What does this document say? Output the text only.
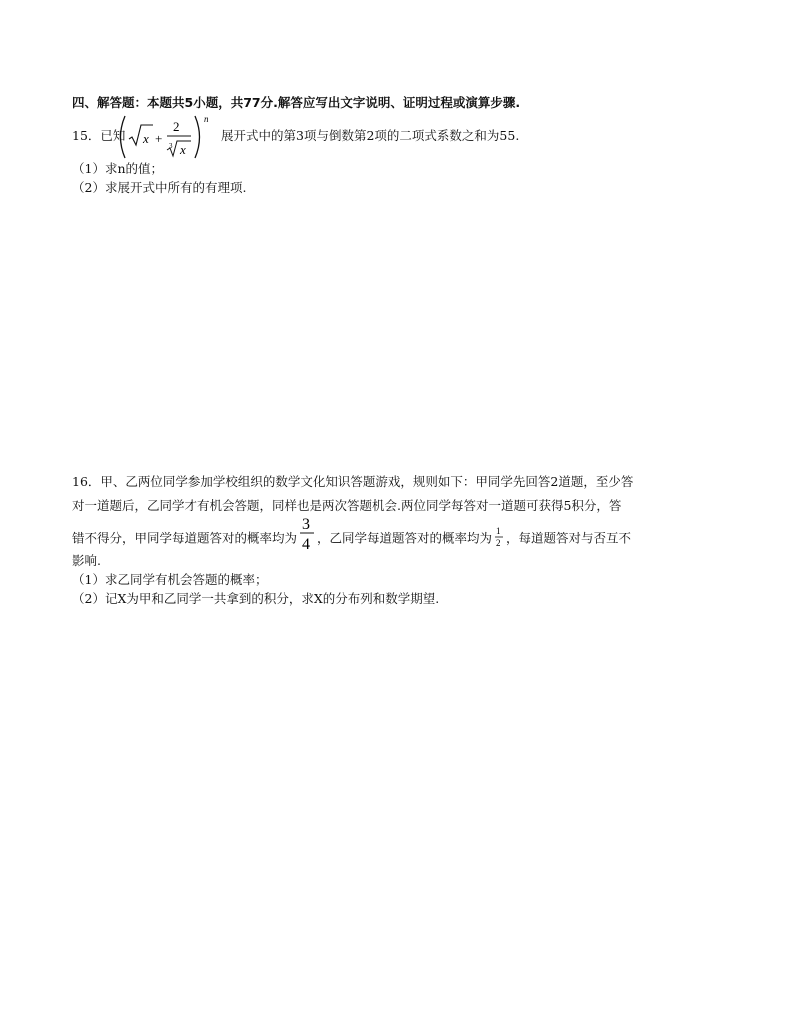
四、解答题：本题共5小题，共77分.解答应写出文字说明、证明过程或演算步骤.
15．已知 x +
2
3 x
n
展开式中的第3项与倒数第2项的二项式系数之和为55.
（1）求n的值；
（2）求展开式中所有的有理项.
16．甲、乙两位同学参加学校组织的数学文化知识答题游戏，规则如下：甲同学先回答2道题，至少答
对一道题后，乙同学才有机会答题，同样也是两次答题机会.两位同学每答对一道题可获得5积分，答
错不得分，甲同学每道题答对的概率均为
3
4 ，乙同学每道题答对的概率均为 1
2 ，每道题答对与否互不
影响.
（1）求乙同学有机会答题的概率；
（2）记X为甲和乙同学一共拿到的积分，求X的分布列和数学期望.
